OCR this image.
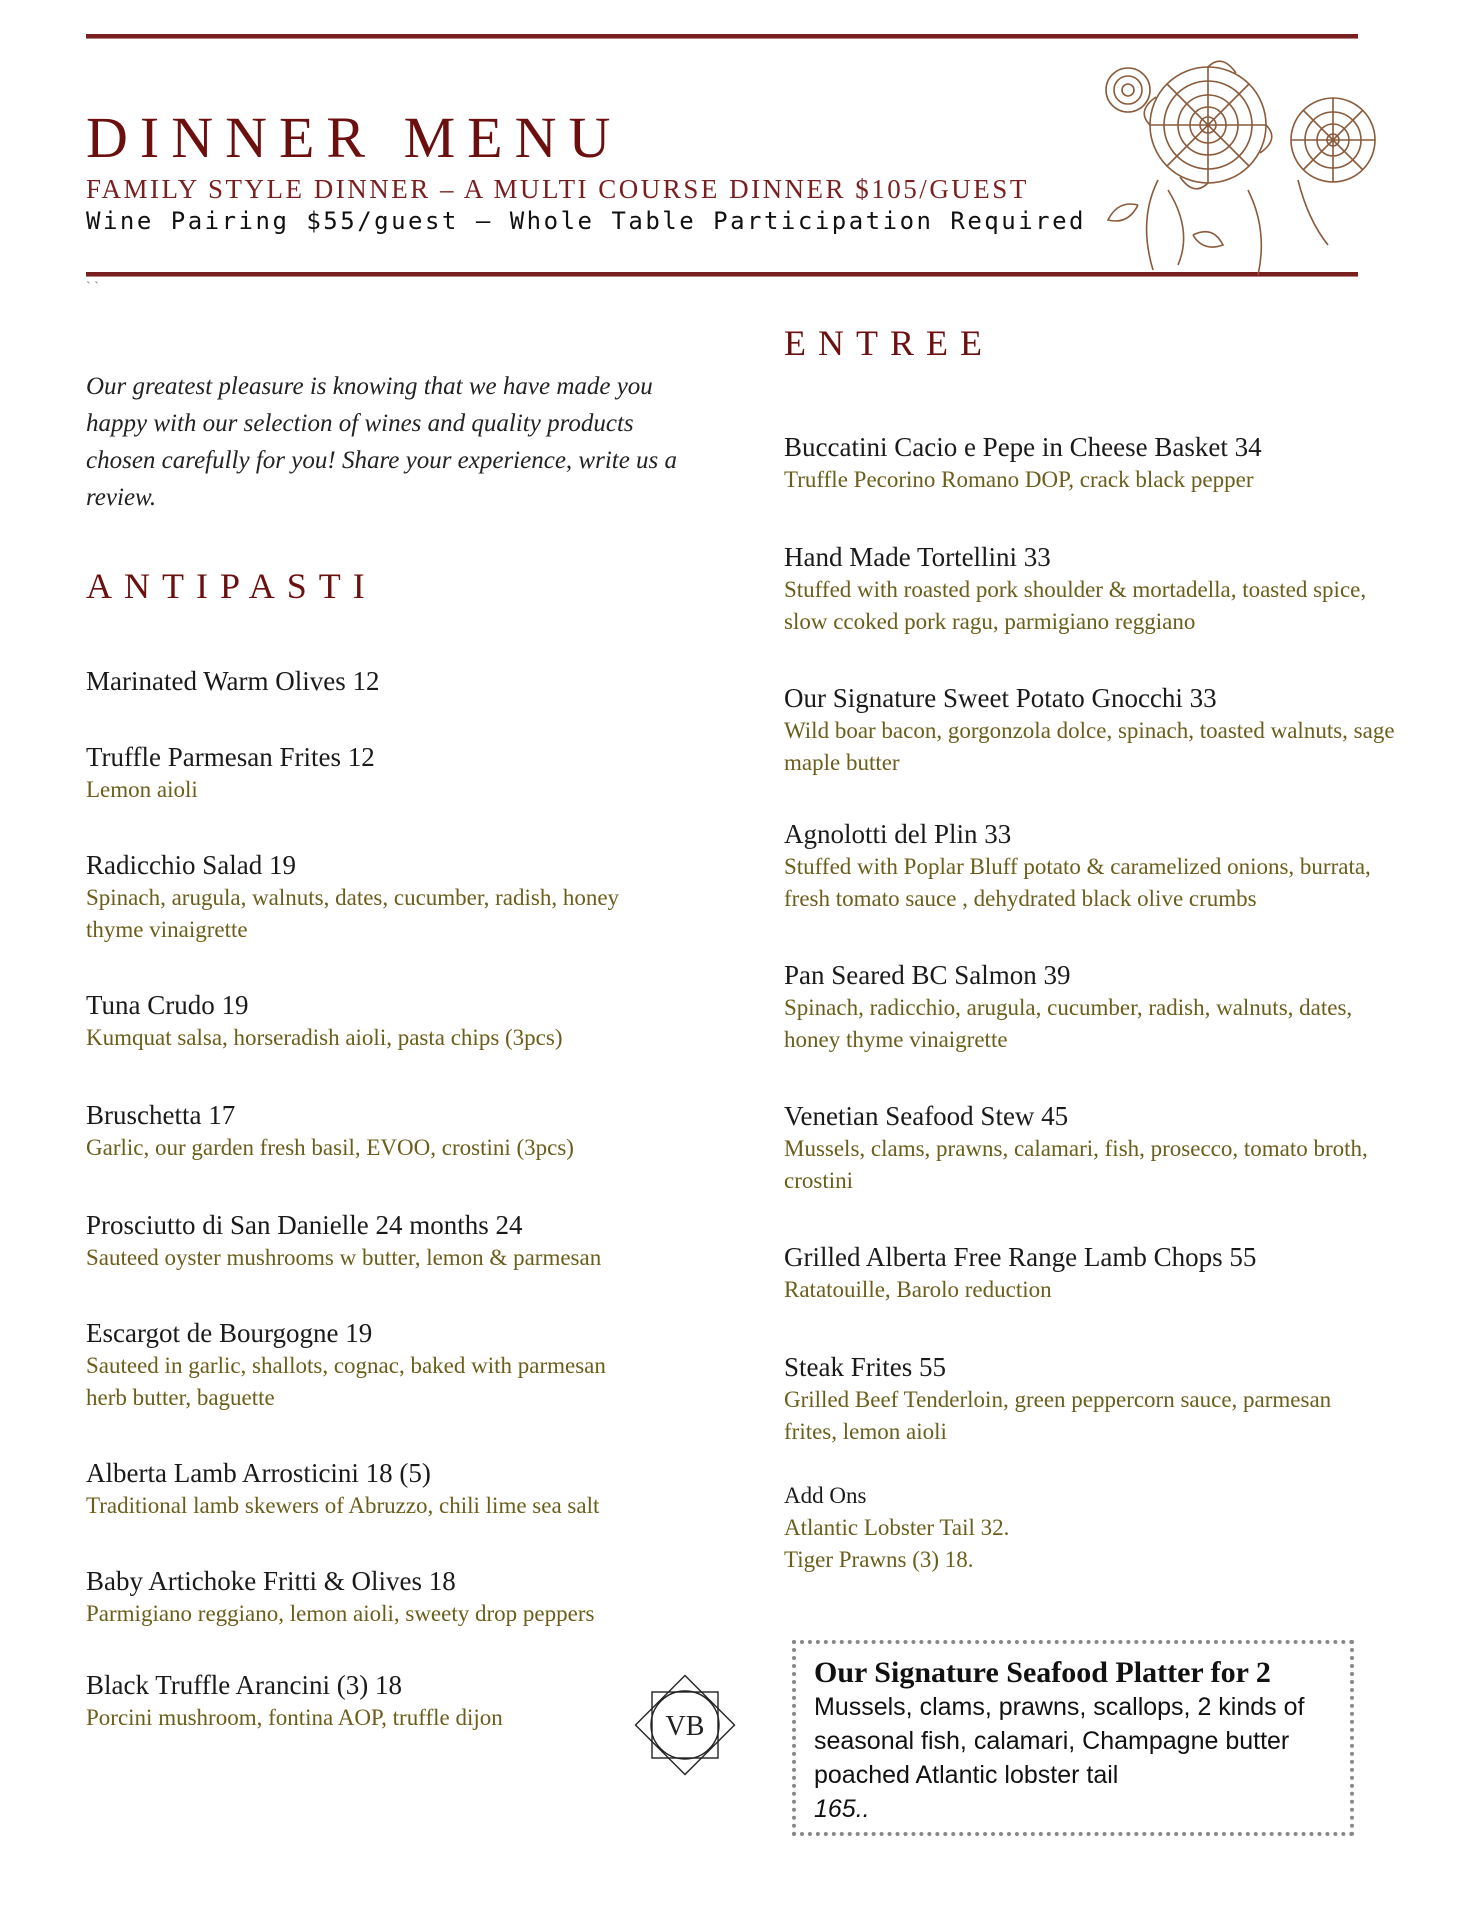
DINNER MENU
FAMILY STYLE DINNER – A MULTI COURSE DINNER $105/GUEST
Wine Pairing $55/guest – Whole Table Participation Required
` `
Our greatest pleasure is knowing that we have made you happy with our selection of wines and quality products chosen carefully for you! Share your experience, write us a review.
ANTIPASTI
Marinated Warm Olives 12
Truffle Parmesan Frites 12
Lemon aioli
Radicchio Salad 19
Spinach, arugula, walnuts, dates, cucumber, radish, honey thyme vinaigrette
Tuna Crudo 19
Kumquat salsa, horseradish aioli, pasta chips (3pcs)
Bruschetta 17
Garlic, our garden fresh basil, EVOO, crostini (3pcs)
Prosciutto di San Danielle 24 months 24
Sauteed oyster mushrooms w butter, lemon & parmesan
Escargot de Bourgogne 19
Sauteed in garlic, shallots, cognac, baked with parmesan herb butter, baguette
Alberta Lamb Arrosticini 18 (5)
Traditional lamb skewers of Abruzzo, chili lime sea salt
Baby Artichoke Fritti & Olives 18
Parmigiano reggiano, lemon aioli, sweety drop peppers
Black Truffle Arancini (3) 18
Porcini mushroom, fontina AOP, truffle dijon
ENTREE
Buccatini Cacio e Pepe in Cheese Basket 34
Truffle Pecorino Romano DOP, crack black pepper
Hand Made Tortellini 33
Stuffed with roasted pork shoulder & mortadella, toasted spice, slow ccoked pork ragu, parmigiano reggiano
Our Signature Sweet Potato Gnocchi 33
Wild boar bacon, gorgonzola dolce, spinach, toasted walnuts, sage maple butter
Agnolotti del Plin 33
Stuffed with Poplar Bluff potato & caramelized onions, burrata, fresh tomato sauce , dehydrated black olive crumbs
Pan Seared BC Salmon 39
Spinach, radicchio, arugula, cucumber, radish, walnuts, dates, honey thyme vinaigrette
Venetian Seafood Stew 45
Mussels, clams, prawns, calamari, fish, prosecco, tomato broth, crostini
Grilled Alberta Free Range Lamb Chops 55
Ratatouille, Barolo reduction
Steak Frites 55
Grilled Beef Tenderloin, green peppercorn sauce, parmesan frites, lemon aioli
Add Ons
Atlantic Lobster Tail 32.
Tiger Prawns (3) 18.
VB
Our Signature Seafood Platter for 2
Mussels, clams, prawns, scallops, 2 kinds of seasonal fish, calamari, Champagne butter poached Atlantic lobster tail
165..
